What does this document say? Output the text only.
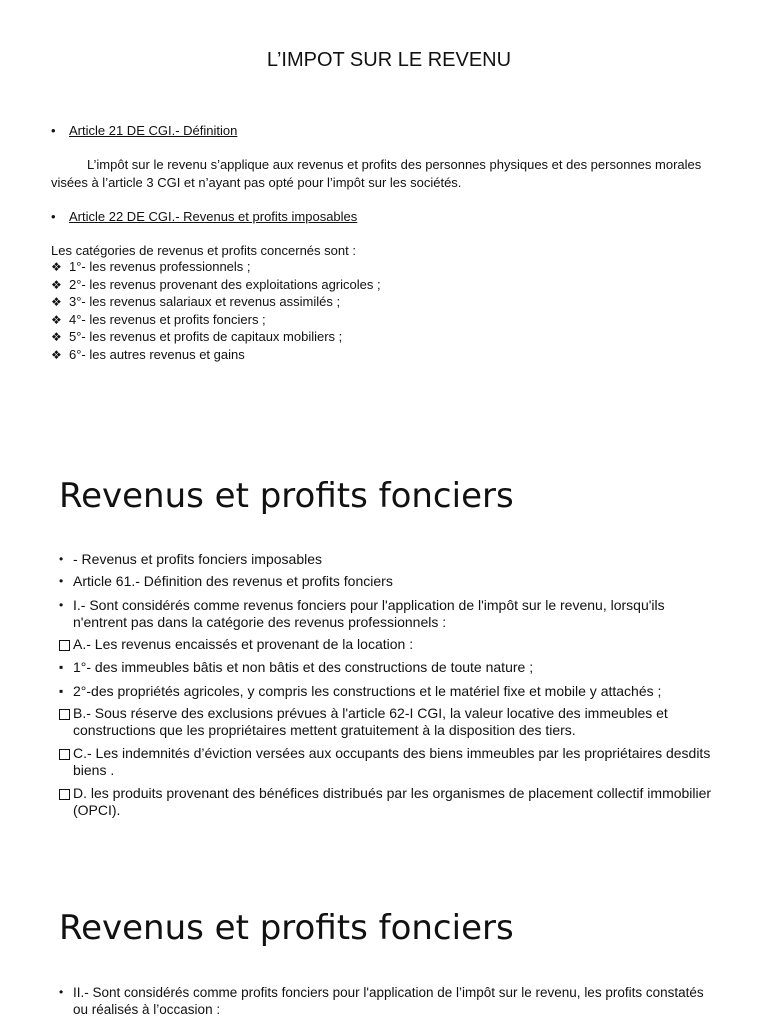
L’IMPOT SUR LE REVENU
•	Article 21 DE CGI.- Définition
L’impôt sur le revenu s’applique aux revenus et profits des personnes physiques et des personnes morales visées à l’article 3 CGI et n’ayant pas opté pour l’impôt sur les sociétés.
•	Article 22 DE CGI.- Revenus et profits imposables
Les catégories de revenus et profits concernés sont :
❖ 1°- les revenus professionnels ;
❖ 2°- les revenus provenant des exploitations agricoles ;
❖ 3°- les revenus salariaux et revenus assimilés ;
❖ 4°- les revenus et profits fonciers ;
❖ 5°- les revenus et profits de capitaux mobiliers ;
❖ 6°- les autres revenus et gains
Revenus et profits fonciers
• - Revenus et profits fonciers imposables
• Article 61.- Définition des revenus et profits fonciers
• I.- Sont considérés comme revenus fonciers pour l'application de l'impôt sur le revenu, lorsqu'ils n'entrent pas dans la catégorie des revenus professionnels :
A.- Les revenus encaissés et provenant de la location :
▪ 1°- des immeubles bâtis et non bâtis et des constructions de toute nature ;
▪ 2°-des propriétés agricoles, y compris les constructions et le matériel fixe et mobile y attachés ;
B.- Sous réserve des exclusions prévues à l'article 62-I CGI, la valeur locative des immeubles et constructions que les propriétaires mettent gratuitement à la disposition des tiers.
C.- Les indemnités d’éviction versées aux occupants des biens immeubles par les propriétaires desdits biens .
D. les produits provenant des bénéfices distribués par les organismes de placement collectif immobilier (OPCI).
Revenus et profits fonciers
• II.- Sont considérés comme profits fonciers pour l'application de l’impôt sur le revenu, les profits constatés ou réalisés à l’occasion :
